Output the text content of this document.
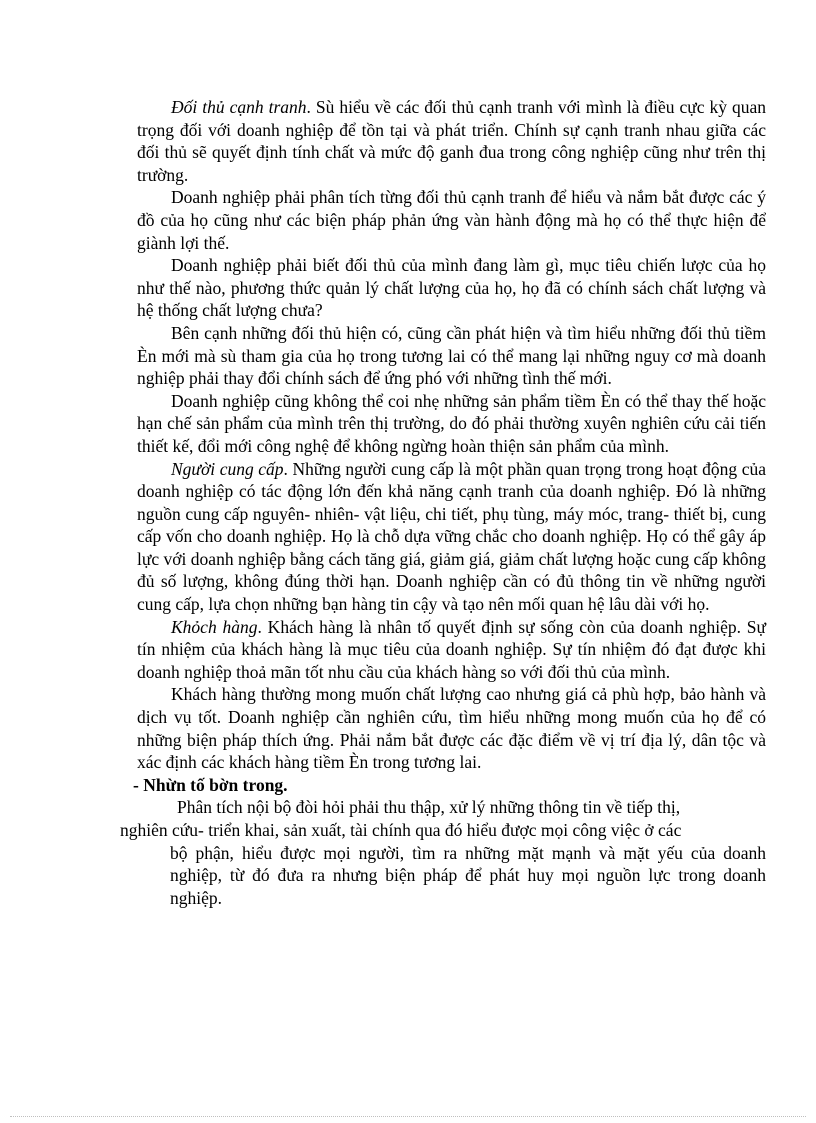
Đối thủ cạnh tranh. Sù hiểu về các đối thủ cạnh tranh với mình là điều cực kỳ quan trọng đối với doanh nghiệp để tồn tại và phát triển. Chính sự cạnh tranh nhau giữa các đối thủ sẽ quyết định tính chất và mức độ ganh đua trong công nghiệp cũng như trên thị trường.

Doanh nghiệp phải phân tích từng đối thủ cạnh tranh để hiểu và nắm bắt được các ý đồ của họ cũng như các biện pháp phản ứng vàn hành động mà họ có thể thực hiện để giành lợi thế.

Doanh nghiệp phải biết đối thủ của mình đang làm gì, mục tiêu chiến lược của họ như thế nào, phương thức quản lý chất lượng của họ, họ đã có chính sách chất lượng và hệ thống chất lượng chưa?

Bên cạnh những đối thủ hiện có, cũng cần phát hiện và tìm hiểu những đối thủ tiềm Èn mới mà sù tham gia của họ trong tương lai có thể mang lại những nguy cơ mà doanh nghiệp phải thay đổi chính sách để ứng phó với những tình thế mới.

Doanh nghiệp cũng không thể coi nhẹ những sản phẩm tiềm Èn có thể thay thế hoặc hạn chế sản phẩm của mình trên thị trường, do đó phải thường xuyên nghiên cứu cải tiến thiết kế, đổi mới công nghệ để không ngừng hoàn thiện sản phẩm của mình.

Người cung cấp. Những người cung cấp là một phần quan trọng trong hoạt động của doanh nghiệp có tác động lớn đến khả năng cạnh tranh của doanh nghiệp. Đó là những nguồn cung cấp nguyên- nhiên- vật liệu, chi tiết, phụ tùng, máy móc, trang- thiết bị, cung cấp vốn cho doanh nghiệp. Họ là chỗ dựa vững chắc cho doanh nghiệp. Họ có thể gây áp lực với doanh nghiệp bằng cách tăng giá, giảm giá, giảm chất lượng hoặc cung cấp không đủ số lượng, không đúng thời hạn. Doanh nghiệp cần có đủ thông tin về những người cung cấp, lựa chọn những bạn hàng tin cậy và tạo nên mối quan hệ lâu dài với họ.

Khỏch hàng. Khách hàng là nhân tố quyết định sự sống còn của doanh nghiệp. Sự tín nhiệm của khách hàng là mục tiêu của doanh nghiệp. Sự tín nhiệm đó đạt được khi doanh nghiệp thoả mãn tốt nhu cầu của khách hàng so với đối thủ của mình.

Khách hàng thường mong muốn chất lượng cao nhưng giá cả phù hợp, bảo hành và dịch vụ tốt. Doanh nghiệp cần nghiên cứu, tìm hiểu những mong muốn của họ để có những biện pháp thích ứng. Phải nắm bắt được các đặc điểm về vị trí địa lý, dân tộc và xác định các khách hàng tiềm Èn trong tương lai.

- Nhừn tố bờn trong.

Phân tích nội bộ đòi hỏi phải thu thập, xử lý những thông tin về tiếp thị,

nghiên cứu- triển khai, sản xuất, tài chính qua đó hiểu được mọi công việc ở các

bộ phận, hiểu được mọi người, tìm ra những mặt mạnh và mặt yếu của doanh nghiệp, từ đó đưa ra nhưng biện pháp để phát huy mọi nguồn lực trong doanh nghiệp.
